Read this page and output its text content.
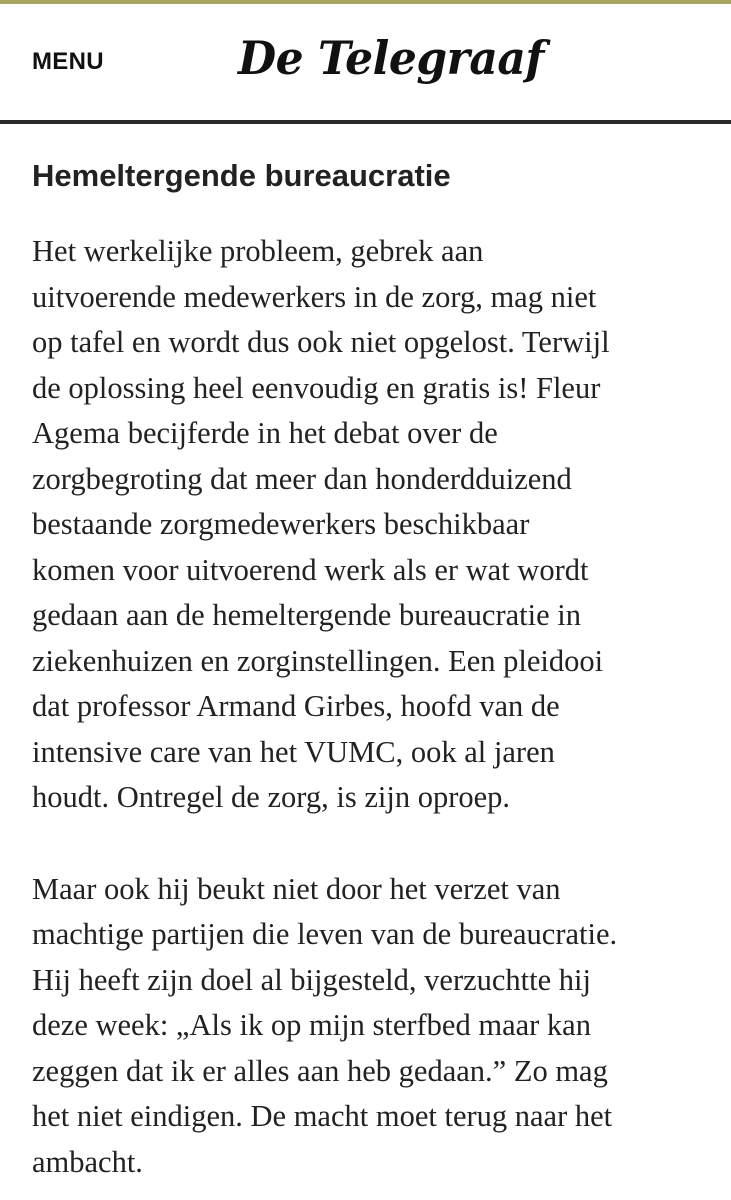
MENU	De Telegraaf
Hemeltergende bureaucratie

Het werkelijke probleem, gebrek aan
uitvoerende medewerkers in de zorg, mag niet
op tafel en wordt dus ook niet opgelost. Terwijl
de oplossing heel eenvoudig en gratis is! Fleur
Agema becijferde in het debat over de
zorgbegroting dat meer dan honderdduizend
bestaande zorgmedewerkers beschikbaar
komen voor uitvoerend werk als er wat wordt
gedaan aan de hemeltergende bureaucratie in
ziekenhuizen en zorginstellingen. Een pleidooi
dat professor Armand Girbes, hoofd van de
intensive care van het VUMC, ook al jaren
houdt. Ontregel de zorg, is zijn oproep.

Maar ook hij beukt niet door het verzet van
machtige partijen die leven van de bureaucratie.
Hij heeft zijn doel al bijgesteld, verzuchtte hij
deze week: „Als ik op mijn sterfbed maar kan
zeggen dat ik er alles aan heb gedaan.” Zo mag
het niet eindigen. De macht moet terug naar het
ambacht.
